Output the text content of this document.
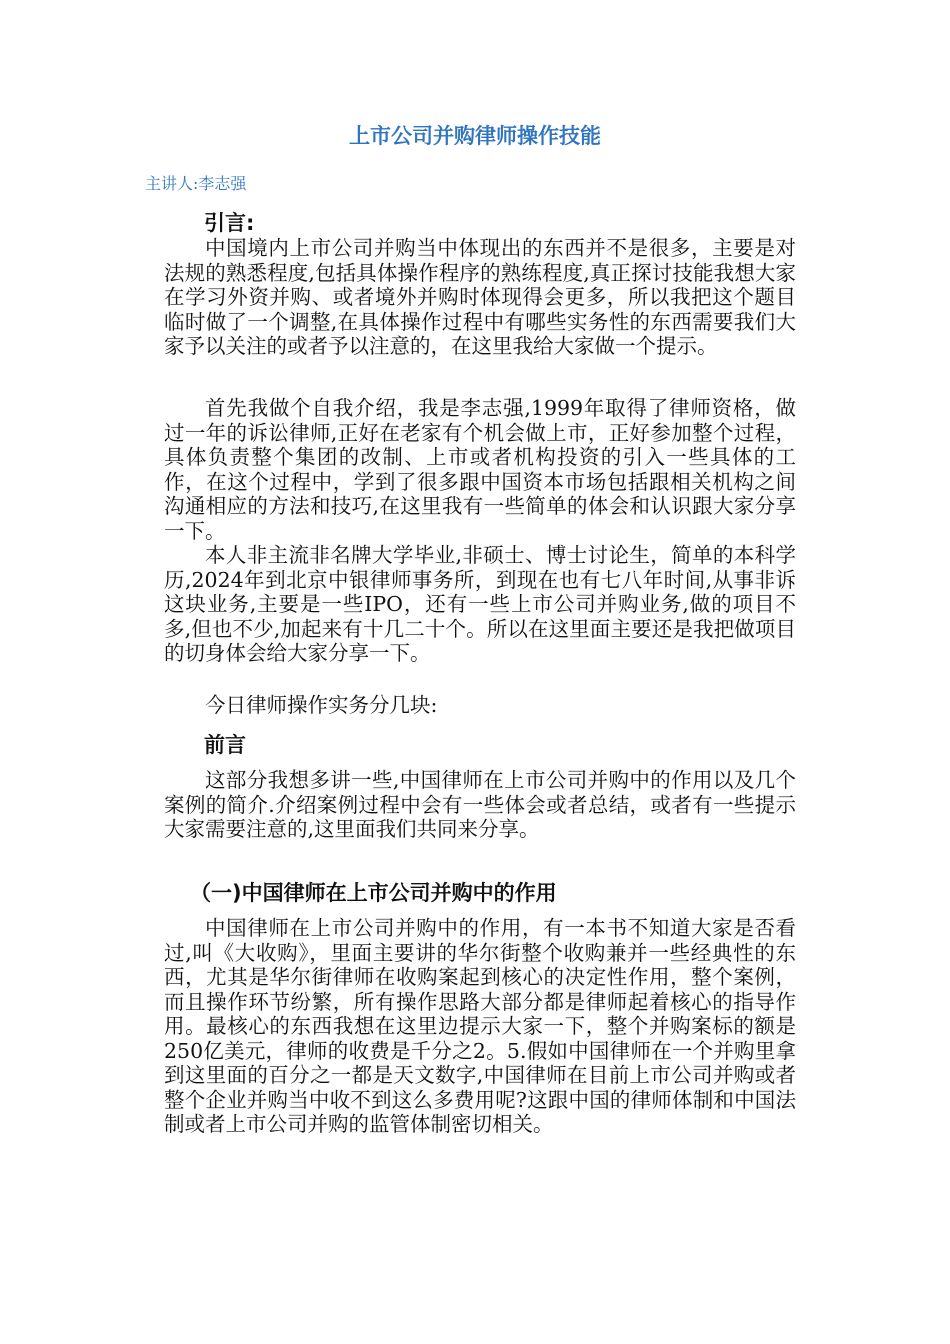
上市公司并购律师操作技能
主讲人:李志强
引言:

中国境内上市公司并购当中体现出的东西并不是很多，主要是对法规的熟悉程度,包括具体操作程序的熟练程度,真正探讨技能我想大家在学习外资并购、或者境外并购时体现得会更多，所以我把这个题目临时做了一个调整,在具体操作过程中有哪些实务性的东西需要我们大家予以关注的或者予以注意的，在这里我给大家做一个提示。

首先我做个自我介绍，我是李志强,1999年取得了律师资格，做过一年的诉讼律师,正好在老家有个机会做上市，正好参加整个过程，具体负责整个集团的改制、上市或者机构投资的引入一些具体的工作，在这个过程中，学到了很多跟中国资本市场包括跟相关机构之间沟通相应的方法和技巧,在这里我有一些简单的体会和认识跟大家分享一下。

本人非主流非名牌大学毕业,非硕士、博士讨论生，简单的本科学历,2024年到北京中银律师事务所，到现在也有七八年时间,从事非诉这块业务,主要是一些IPO，还有一些上市公司并购业务,做的项目不多,但也不少,加起来有十几二十个。所以在这里面主要还是我把做项目的切身体会给大家分享一下。

今日律师操作实务分几块:

前言

这部分我想多讲一些,中国律师在上市公司并购中的作用以及几个案例的简介.介绍案例过程中会有一些体会或者总结，或者有一些提示大家需要注意的,这里面我们共同来分享。

（一)中国律师在上市公司并购中的作用

中国律师在上市公司并购中的作用，有一本书不知道大家是否看过,叫《大收购》，里面主要讲的华尔街整个收购兼并一些经典性的东西，尤其是华尔街律师在收购案起到核心的决定性作用，整个案例，而且操作环节纷繁，所有操作思路大部分都是律师起着核心的指导作用。最核心的东西我想在这里边提示大家一下，整个并购案标的额是250亿美元，律师的收费是千分之2。5.假如中国律师在一个并购里拿到这里面的百分之一都是天文数字,中国律师在目前上市公司并购或者整个企业并购当中收不到这么多费用呢?这跟中国的律师体制和中国法制或者上市公司并购的监管体制密切相关。
